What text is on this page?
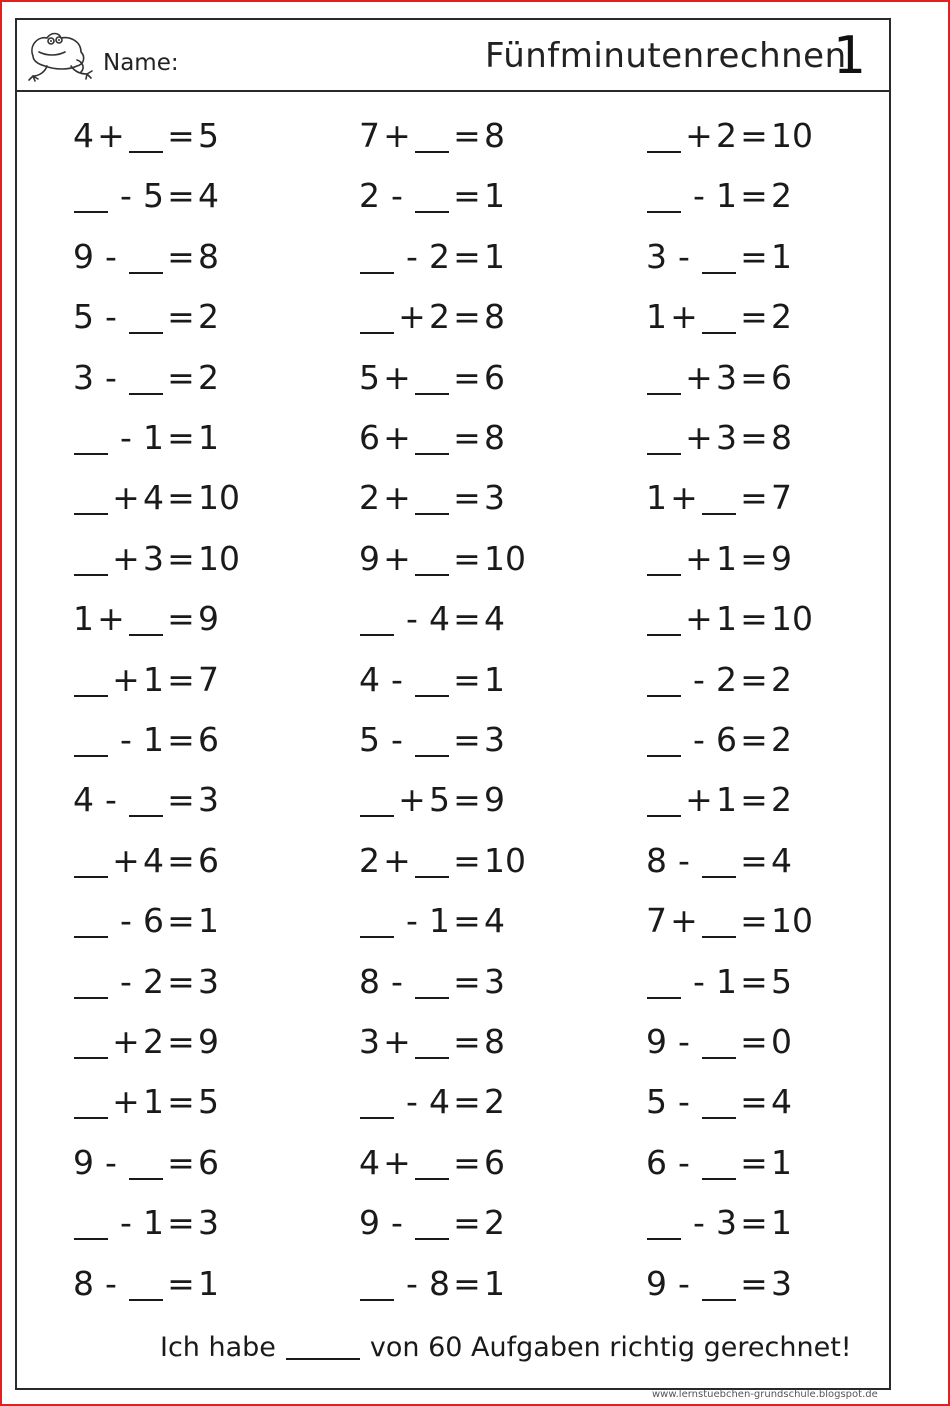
Name:	Fünfminutenrechnen
1
4+ =5
- 5=4
9 - =8
5 - =2
3 - =2
- 1=1
+4=10
+3=10
1+ =9
+1=7
- 1=6
4 - =3
+4=6
- 6=1
- 2=3
+2=9
+1=5
9 - =6
- 1=3
8 - =1
7+ =8
2 - =1
- 2=1
+2=8
5+ =6
6+ =8
2+ =3
9+ =10
- 4=4
4 - =1
5 - =3
+5=9
2+ =10
- 1=4
8 - =3
3+ =8
- 4=2
4+ =6
9 - =2
- 8=1
+2=10
- 1=2
3 - =1
1+ =2
+3=6
+3=8
1+ =7
+1=9
+1=10
- 2=2
- 6=2
+1=2
8 - =4
7+ =10
- 1=5
9 - =0
5 - =4
6 - =1
- 3=1
9 - =3
Ich habe	von 60 Aufgaben richtig gerechnet!
www.lernstuebchen-grundschule.blogspot.de
